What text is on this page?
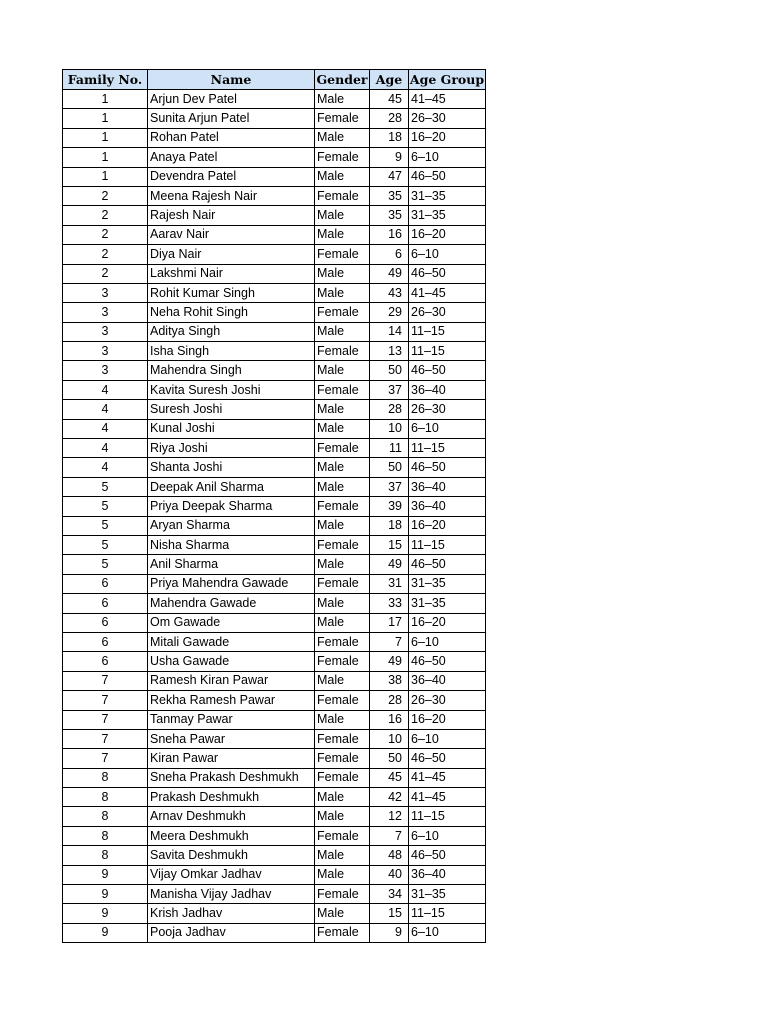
Family No.	Name	Gender	Age	Age Group
1	Arjun Dev Patel	Male	45	41–45
1	Sunita Arjun Patel	Female	28	26–30
1	Rohan Patel	Male	18	16–20
1	Anaya Patel	Female	9	6–10
1	Devendra Patel	Male	47	46–50
2	Meena Rajesh Nair	Female	35	31–35
2	Rajesh Nair	Male	35	31–35
2	Aarav Nair	Male	16	16–20
2	Diya Nair	Female	6	6–10
2	Lakshmi Nair	Male	49	46–50
3	Rohit Kumar Singh	Male	43	41–45
3	Neha Rohit Singh	Female	29	26–30
3	Aditya Singh	Male	14	11–15
3	Isha Singh	Female	13	11–15
3	Mahendra Singh	Male	50	46–50
4	Kavita Suresh Joshi	Female	37	36–40
4	Suresh Joshi	Male	28	26–30
4	Kunal Joshi	Male	10	6–10
4	Riya Joshi	Female	11	11–15
4	Shanta Joshi	Male	50	46–50
5	Deepak Anil Sharma	Male	37	36–40
5	Priya Deepak Sharma	Female	39	36–40
5	Aryan Sharma	Male	18	16–20
5	Nisha Sharma	Female	15	11–15
5	Anil Sharma	Male	49	46–50
6	Priya Mahendra Gawade	Female	31	31–35
6	Mahendra Gawade	Male	33	31–35
6	Om Gawade	Male	17	16–20
6	Mitali Gawade	Female	7	6–10
6	Usha Gawade	Female	49	46–50
7	Ramesh Kiran Pawar	Male	38	36–40
7	Rekha Ramesh Pawar	Female	28	26–30
7	Tanmay Pawar	Male	16	16–20
7	Sneha Pawar	Female	10	6–10
7	Kiran Pawar	Female	50	46–50
8	Sneha Prakash Deshmukh	Female	45	41–45
8	Prakash Deshmukh	Male	42	41–45
8	Arnav Deshmukh	Male	12	11–15
8	Meera Deshmukh	Female	7	6–10
8	Savita Deshmukh	Male	48	46–50
9	Vijay Omkar Jadhav	Male	40	36–40
9	Manisha Vijay Jadhav	Female	34	31–35
9	Krish Jadhav	Male	15	11–15
9	Pooja Jadhav	Female	9	6–10
